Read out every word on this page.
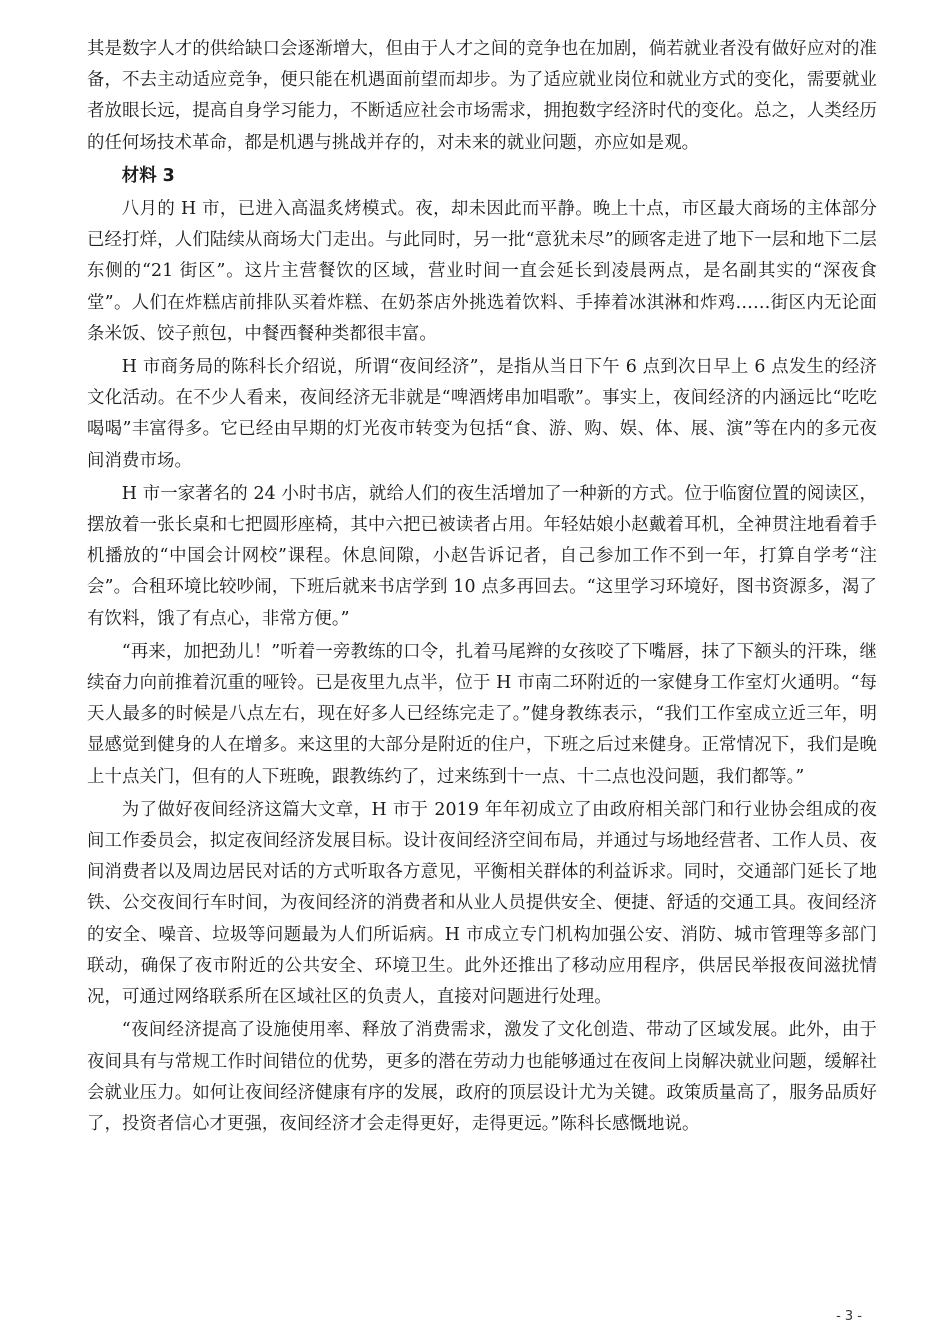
其是数字人才的供给缺口会逐渐增大，但由于人才之间的竞争也在加剧，倘若就业者没有做好应对的准备，不去主动适应竞争，便只能在机遇面前望而却步。为了适应就业岗位和就业方式的变化，需要就业者放眼长远，提高自身学习能力，不断适应社会市场需求，拥抱数字经济时代的变化。总之，人类经历的任何场技术革命，都是机遇与挑战并存的，对未来的就业问题，亦应如是观。

材料 3

八月的 H 市，已进入高温炙烤模式。夜，却未因此而平静。晚上十点，市区最大商场的主体部分已经打烊，人们陆续从商场大门走出。与此同时，另一批“意犹未尽”的顾客走进了地下一层和地下二层东侧的“21 街区”。这片主营餐饮的区域，营业时间一直会延长到凌晨两点，是名副其实的“深夜食堂”。人们在炸糕店前排队买着炸糕、在奶茶店外挑选着饮料、手捧着冰淇淋和炸鸡……街区内无论面条米饭、饺子煎包，中餐西餐种类都很丰富。

H 市商务局的陈科长介绍说，所谓“夜间经济”，是指从当日下午 6 点到次日早上 6 点发生的经济文化活动。在不少人看来，夜间经济无非就是“啤酒烤串加唱歌”。事实上，夜间经济的内涵远比“吃吃喝喝”丰富得多。它已经由早期的灯光夜市转变为包括“食、游、购、娱、体、展、演”等在内的多元夜间消费市场。

H 市一家著名的 24 小时书店，就给人们的夜生活增加了一种新的方式。位于临窗位置的阅读区，摆放着一张长桌和七把圆形座椅，其中六把已被读者占用。年轻姑娘小赵戴着耳机，全神贯注地看着手机播放的“中国会计网校”课程。休息间隙，小赵告诉记者，自己参加工作不到一年，打算自学考“注会”。合租环境比较吵闹，下班后就来书店学到 10 点多再回去。“这里学习环境好，图书资源多，渴了有饮料，饿了有点心，非常方便。”

“再来，加把劲儿！”听着一旁教练的口令，扎着马尾辫的女孩咬了下嘴唇，抹了下额头的汗珠，继续奋力向前推着沉重的哑铃。已是夜里九点半，位于 H 市南二环附近的一家健身工作室灯火通明。“每天人最多的时候是八点左右，现在好多人已经练完走了。”健身教练表示，“我们工作室成立近三年，明显感觉到健身的人在增多。来这里的大部分是附近的住户，下班之后过来健身。正常情况下，我们是晚上十点关门，但有的人下班晚，跟教练约了，过来练到十一点、十二点也没问题，我们都等。”

为了做好夜间经济这篇大文章，H 市于 2019 年年初成立了由政府相关部门和行业协会组成的夜间工作委员会，拟定夜间经济发展目标。设计夜间经济空间布局，并通过与场地经营者、工作人员、夜间消费者以及周边居民对话的方式听取各方意见，平衡相关群体的利益诉求。同时，交通部门延长了地铁、公交夜间行车时间，为夜间经济的消费者和从业人员提供安全、便捷、舒适的交通工具。夜间经济的安全、噪音、垃圾等问题最为人们所诟病。H 市成立专门机构加强公安、消防、城市管理等多部门联动，确保了夜市附近的公共安全、环境卫生。此外还推出了移动应用程序，供居民举报夜间滋扰情况，可通过网络联系所在区域社区的负责人，直接对问题进行处理。

“夜间经济提高了设施使用率、释放了消费需求，激发了文化创造、带动了区域发展。此外，由于夜间具有与常规工作时间错位的优势，更多的潜在劳动力也能够通过在夜间上岗解决就业问题，缓解社会就业压力。如何让夜间经济健康有序的发展，政府的顶层设计尤为关键。政策质量高了，服务品质好了，投资者信心才更强，夜间经济才会走得更好，走得更远。”陈科长感慨地说。

- 3 -
